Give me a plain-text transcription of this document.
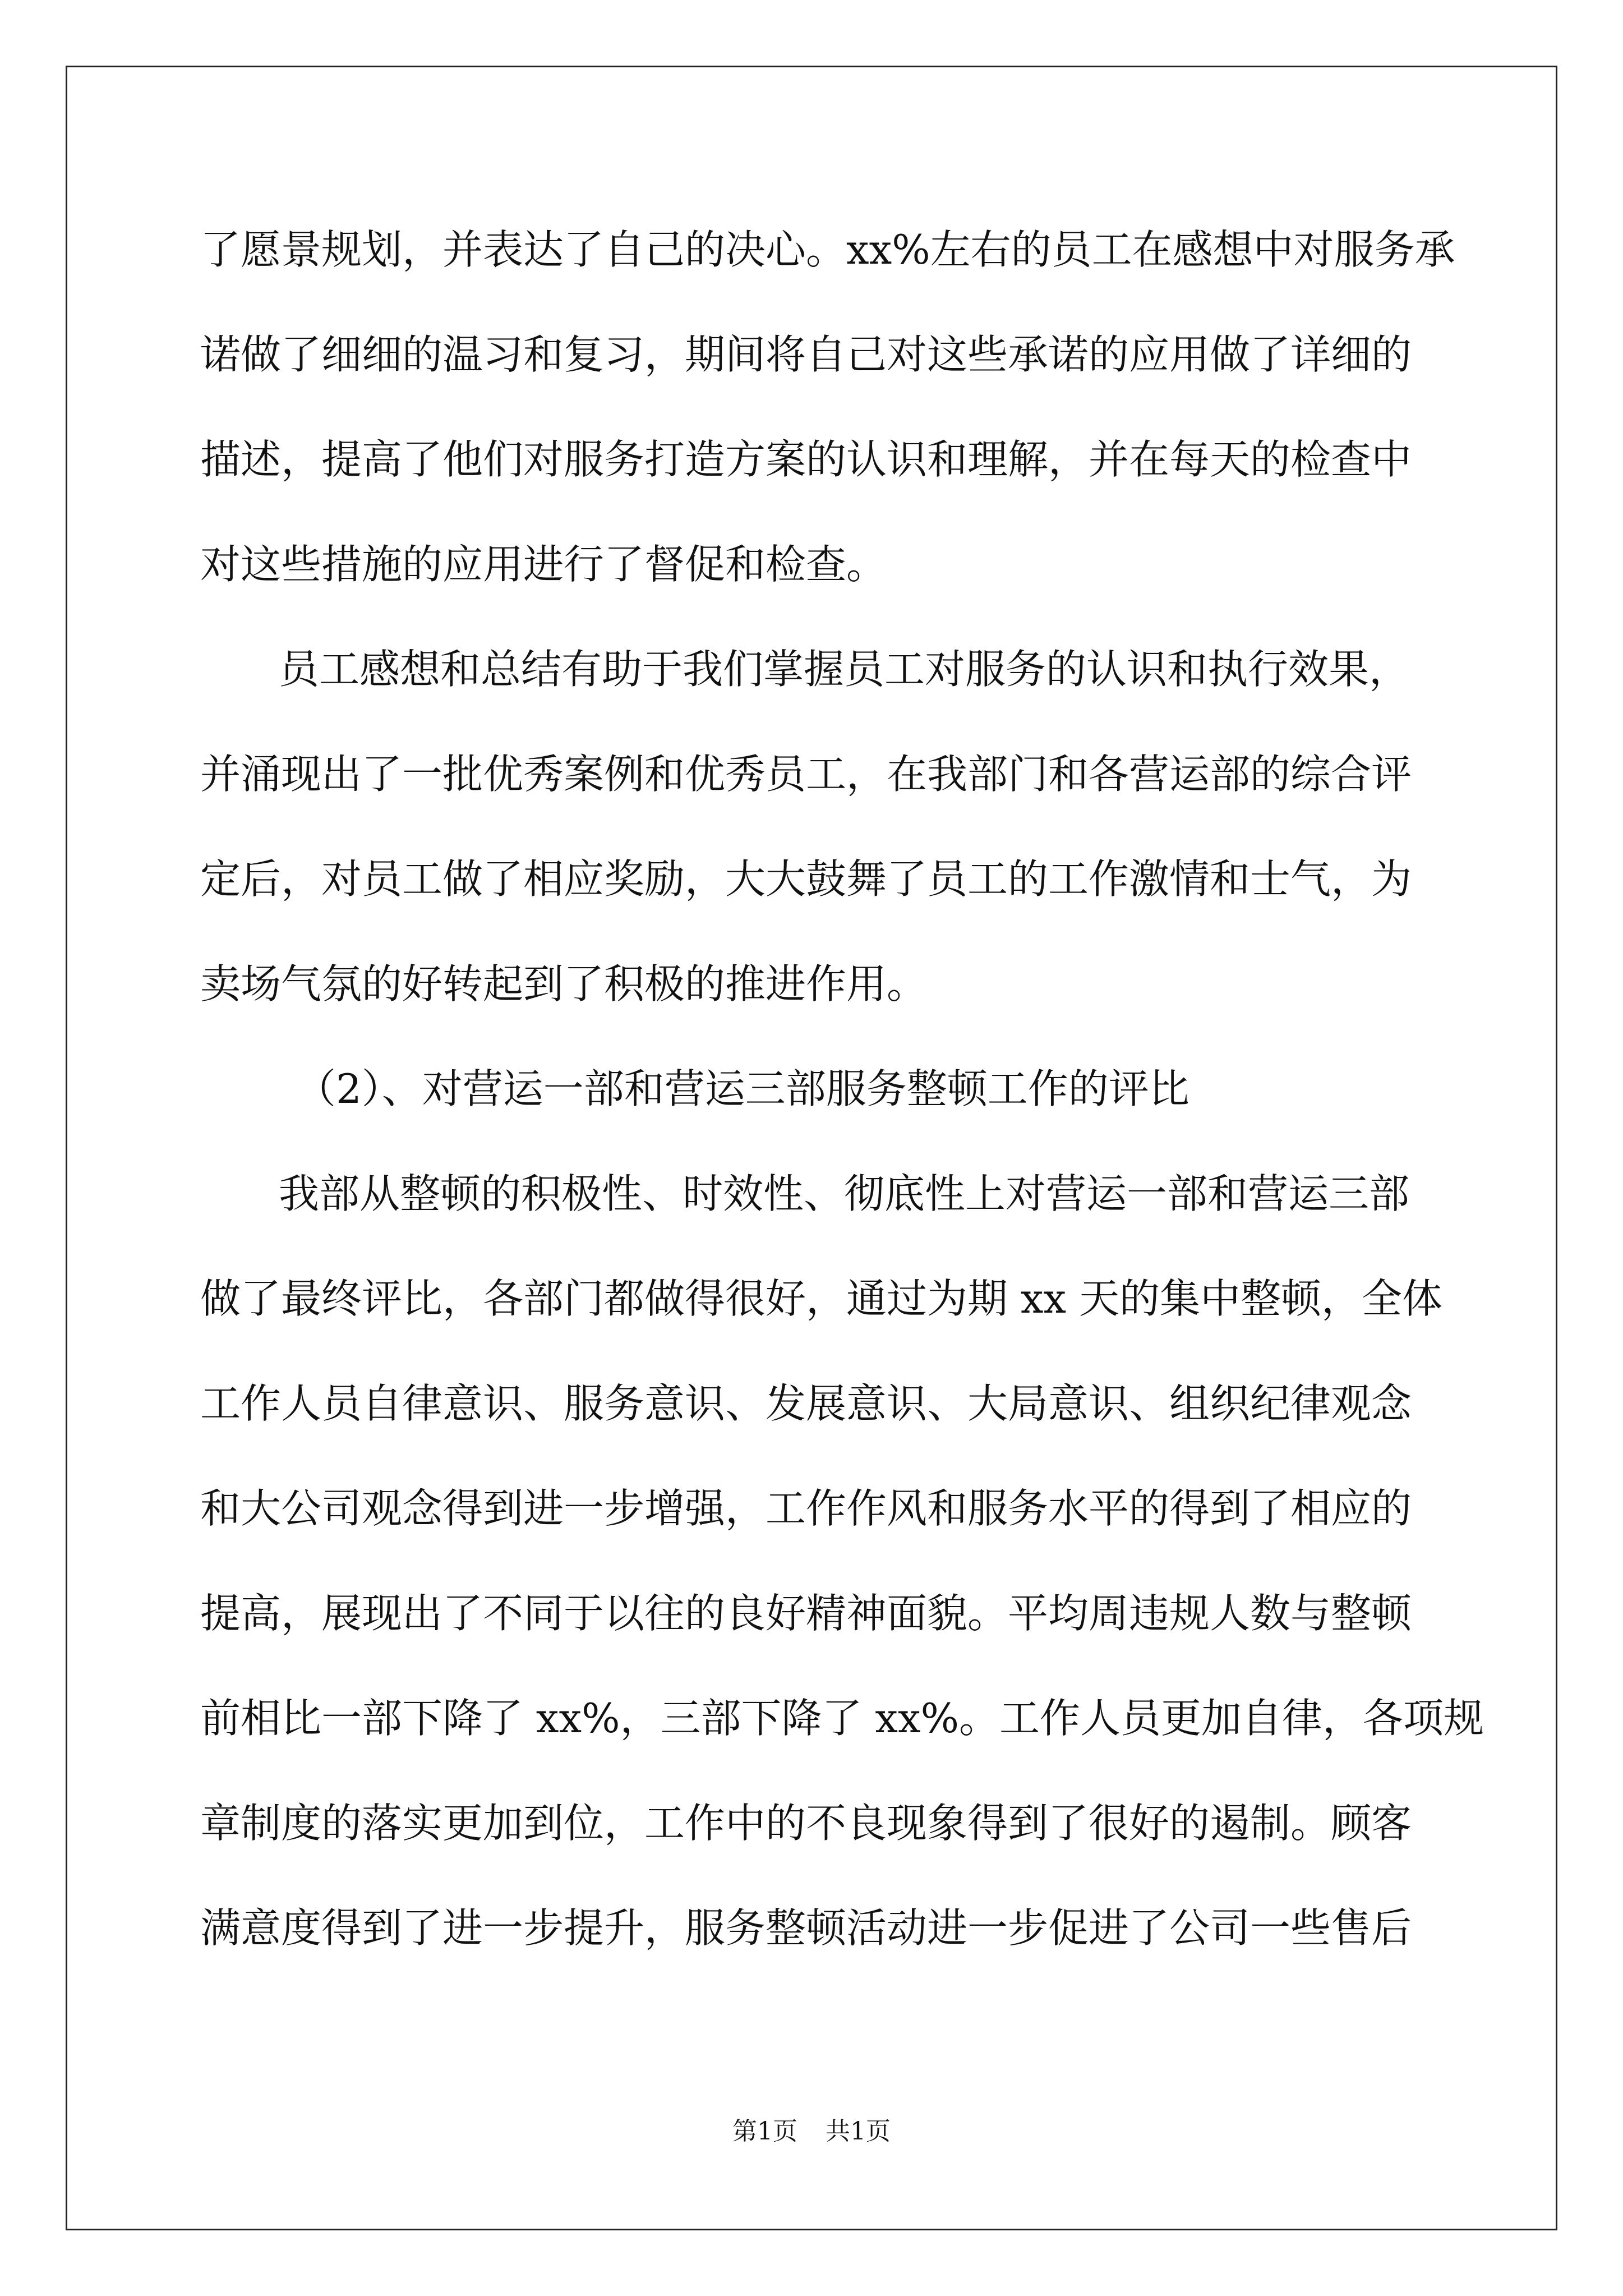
了愿景规划，并表达了自己的决心。xx%左右的员工在感想中对服务承
诺做了细细的温习和复习，期间将自己对这些承诺的应用做了详细的
描述，提高了他们对服务打造方案的认识和理解，并在每天的检查中
对这些措施的应用进行了督促和检查。
员工感想和总结有助于我们掌握员工对服务的认识和执行效果，
并涌现出了一批优秀案例和优秀员工，在我部门和各营运部的综合评
定后，对员工做了相应奖励，大大鼓舞了员工的工作激情和士气，为
卖场气氛的好转起到了积极的推进作用。
（2）、对营运一部和营运三部服务整顿工作的评比
我部从整顿的积极性、时效性、彻底性上对营运一部和营运三部
做了最终评比，各部门都做得很好，通过为期 xx 天的集中整顿，全体
工作人员自律意识、服务意识、发展意识、大局意识、组织纪律观念
和大公司观念得到进一步增强，工作作风和服务水平的得到了相应的
提高，展现出了不同于以往的良好精神面貌。平均周违规人数与整顿
前相比一部下降了 xx%，三部下降了 xx%。工作人员更加自律，各项规
章制度的落实更加到位，工作中的不良现象得到了很好的遏制。顾客
满意度得到了进一步提升，服务整顿活动进一步促进了公司一些售后
第1页 共1页
